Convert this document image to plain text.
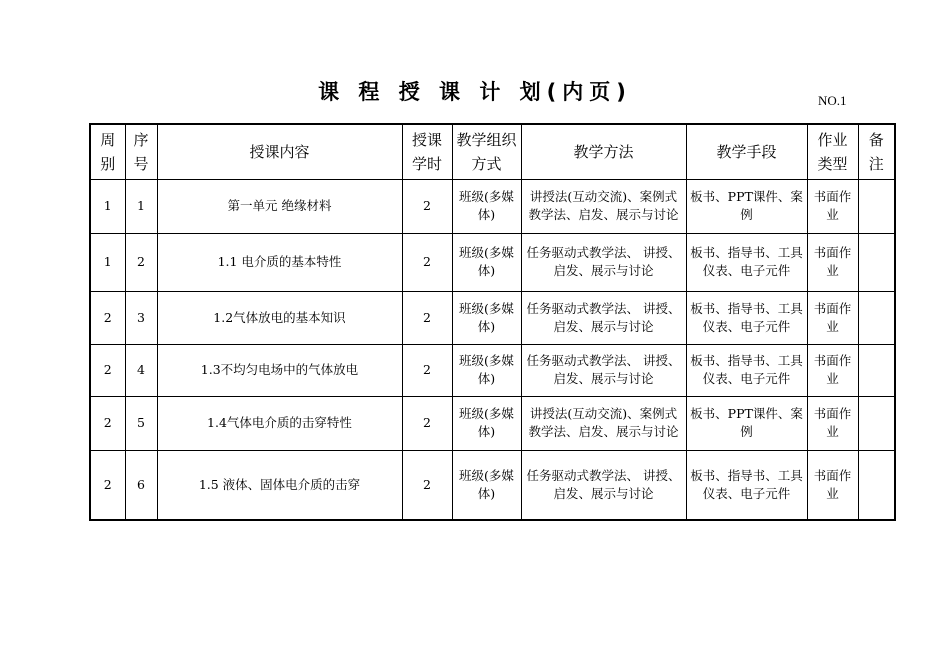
课 程 授 课 计 划(内页)	NO.1
周别	序号	授课内容	授课学时	教学组织方式	教学方法	教学手段	作业类型	备注
1	1	第一单元 绝缘材料	2	班级(多媒体)	讲授法(互动交流)、案例式教学法、启发、展示与讨论	板书、PPT课件、案例	书面作业	
1	2	1.1 电介质的基本特性	2	班级(多媒体)	任务驱动式教学法、 讲授、启发、展示与讨论	板书、指导书、工具仪表、电子元件	书面作业	
2	3	1.2气体放电的基本知识	2	班级(多媒体)	任务驱动式教学法、 讲授、启发、展示与讨论	板书、指导书、工具仪表、电子元件	书面作业	
2	4	1.3不均匀电场中的气体放电	2	班级(多媒体)	任务驱动式教学法、 讲授、启发、展示与讨论	板书、指导书、工具仪表、电子元件	书面作业	
2	5	1.4气体电介质的击穿特性	2	班级(多媒体)	讲授法(互动交流)、案例式教学法、启发、展示与讨论	板书、PPT课件、案例	书面作业	
2	6	1.5 液体、固体电介质的击穿	2	班级(多媒体)	任务驱动式教学法、 讲授、启发、展示与讨论	板书、指导书、工具仪表、电子元件	书面作业	
